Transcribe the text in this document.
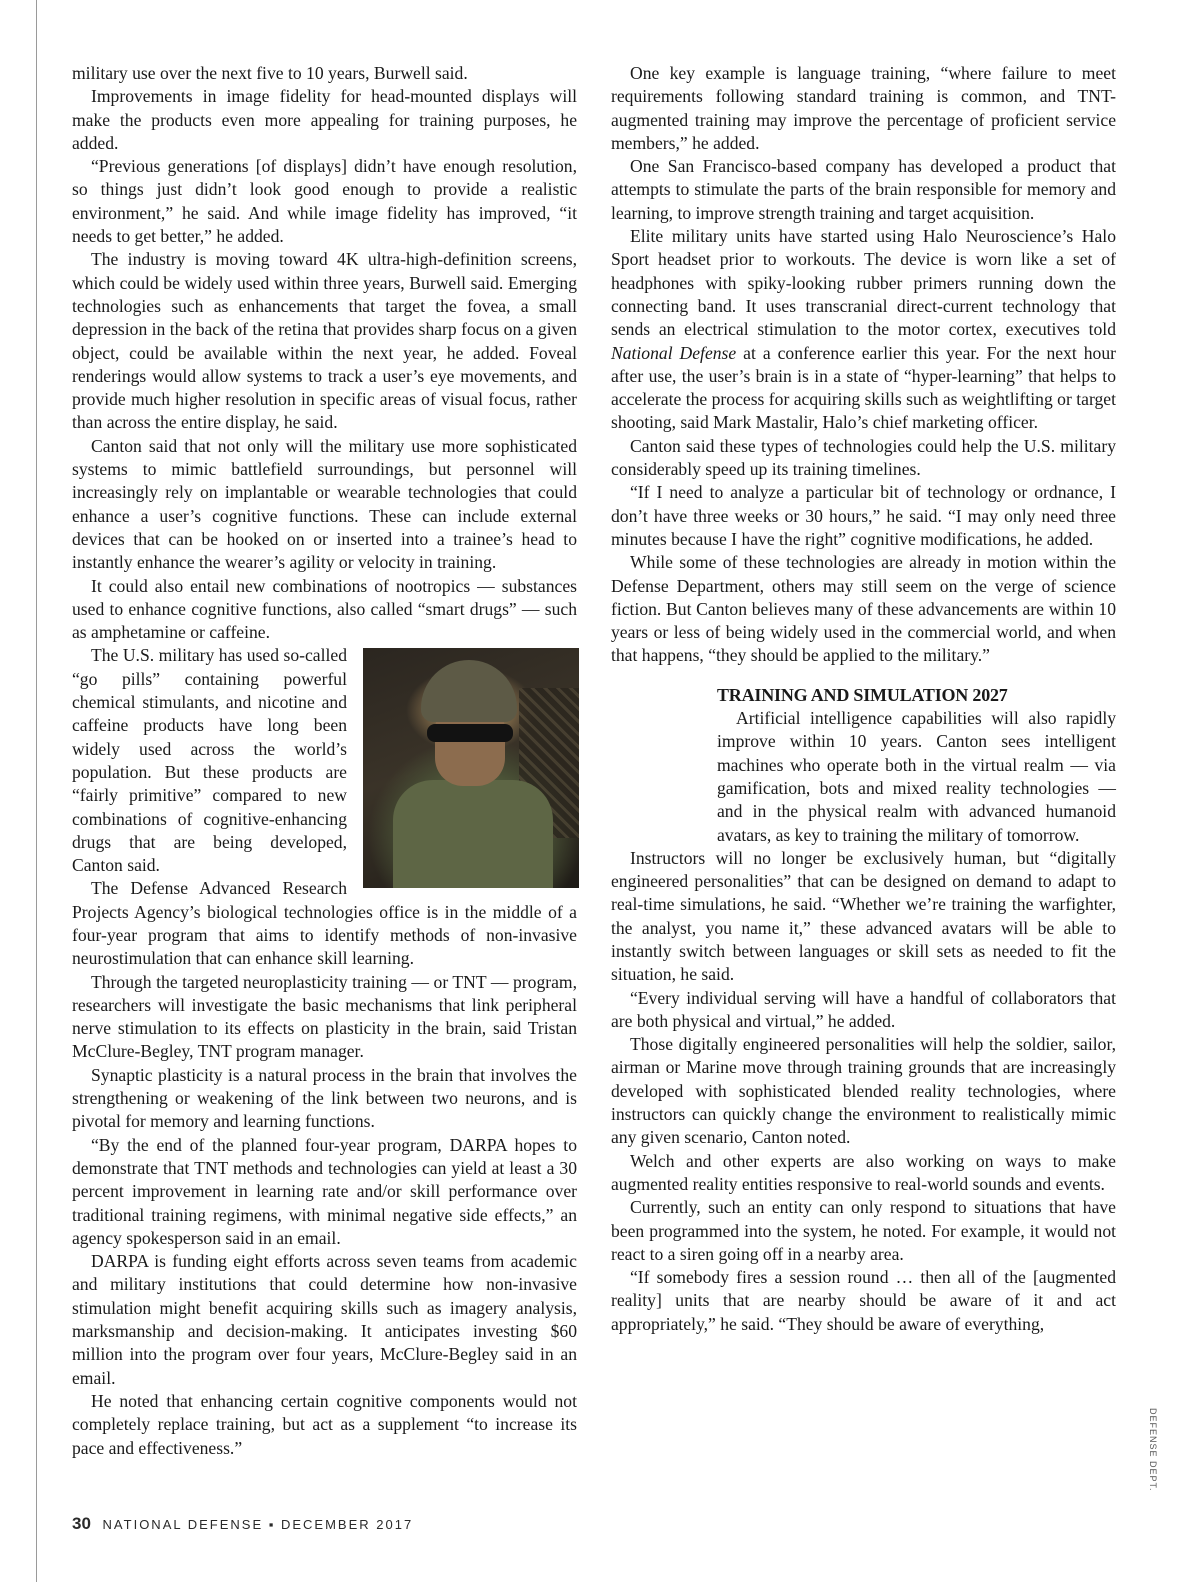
military use over the next five to 10 years, Burwell said.

Improvements in image fidelity for head-mounted displays will make the products even more appealing for training purposes, he added.

“Previous generations [of displays] didn’t have enough resolution, so things just didn’t look good enough to provide a realistic environment,” he said. And while image fidelity has improved, “it needs to get better,” he added.

The industry is moving toward 4K ultra-high-definition screens, which could be widely used within three years, Burwell said. Emerging technologies such as enhancements that target the fovea, a small depression in the back of the retina that provides sharp focus on a given object, could be available within the next year, he added. Foveal renderings would allow systems to track a user’s eye movements, and provide much higher resolution in specific areas of visual focus, rather than across the entire display, he said.

Canton said that not only will the military use more sophisticated systems to mimic battlefield surroundings, but personnel will increasingly rely on implantable or wearable technologies that could enhance a user’s cognitive functions. These can include external devices that can be hooked on or inserted into a trainee’s head to instantly enhance the wearer’s agility or velocity in training.

It could also entail new combinations of nootropics — substances used to enhance cognitive functions, also called “smart drugs” — such as amphetamine or caffeine.

The U.S. military has used so-called “go pills” containing powerful chemical stimulants, and nicotine and caffeine products have long been widely used across the world’s population. But these products are “fairly primitive” compared to new combinations of cognitive-enhancing drugs that are being developed, Canton said.

The Defense Advanced Research Projects Agency’s biological technologies office is in the middle of a four-year program that aims to identify methods of non-invasive neurostimulation that can enhance skill learning.

Through the targeted neuroplasticity training — or TNT — program, researchers will investigate the basic mechanisms that link peripheral nerve stimulation to its effects on plasticity in the brain, said Tristan McClure-Begley, TNT program manager.

Synaptic plasticity is a natural process in the brain that involves the strengthening or weakening of the link between two neurons, and is pivotal for memory and learning functions.

“By the end of the planned four-year program, DARPA hopes to demonstrate that TNT methods and technologies can yield at least a 30 percent improvement in learning rate and/or skill performance over traditional training regimens, with minimal negative side effects,” an agency spokesperson said in an email.

DARPA is funding eight efforts across seven teams from academic and military institutions that could determine how non-invasive stimulation might benefit acquiring skills such as imagery analysis, marksmanship and decision-making. It anticipates investing $60 million into the program over four years, McClure-Begley said in an email.

He noted that enhancing certain cognitive components would not completely replace training, but act as a supplement “to increase its pace and effectiveness.”

One key example is language training, “where failure to meet requirements following standard training is common, and TNT-augmented training may improve the percentage of proficient service members,” he added.

One San Francisco-based company has developed a product that attempts to stimulate the parts of the brain responsible for memory and learning, to improve strength training and target acquisition.

Elite military units have started using Halo Neuroscience’s Halo Sport headset prior to workouts. The device is worn like a set of headphones with spiky-looking rubber primers running down the connecting band. It uses transcranial direct-current technology that sends an electrical stimulation to the motor cortex, executives told National Defense at a conference earlier this year. For the next hour after use, the user’s brain is in a state of “hyper-learning” that helps to accelerate the process for acquiring skills such as weightlifting or target shooting, said Mark Mastalir, Halo’s chief marketing officer.

Canton said these types of technologies could help the U.S. military considerably speed up its training timelines.

“If I need to analyze a particular bit of technology or ordnance, I don’t have three weeks or 30 hours,” he said. “I may only need three minutes because I have the right” cognitive modifications, he added.

While some of these technologies are already in motion within the Defense Department, others may still seem on the verge of science fiction. But Canton believes many of these advancements are within 10 years or less of being widely used in the commercial world, and when that happens, “they should be applied to the military.”

TRAINING AND SIMULATION 2027

Artificial intelligence capabilities will also rapidly improve within 10 years. Canton sees intelligent machines who operate both in the virtual realm — via gamification, bots and mixed reality technologies — and in the physical realm with advanced humanoid avatars, as key to training the military of tomorrow.

Instructors will no longer be exclusively human, but “digitally engineered personalities” that can be designed on demand to adapt to real-time simulations, he said. “Whether we’re training the warfighter, the analyst, you name it,” these advanced avatars will be able to instantly switch between languages or skill sets as needed to fit the situation, he said.

“Every individual serving will have a handful of collaborators that are both physical and virtual,” he added.

Those digitally engineered personalities will help the soldier, sailor, airman or Marine move through training grounds that are increasingly developed with sophisticated blended reality technologies, where instructors can quickly change the environment to realistically mimic any given scenario, Canton noted.

Welch and other experts are also working on ways to make augmented reality entities responsive to real-world sounds and events.

Currently, such an entity can only respond to situations that have been programmed into the system, he noted. For example, it would not react to a siren going off in a nearby area.

“If somebody fires a session round … then all of the [augmented reality] units that are nearby should be aware of it and act appropriately,” he said. “They should be aware of everything,

DEFENSE DEPT.
30 NATIONAL DEFENSE ▪ DECEMBER 2017
